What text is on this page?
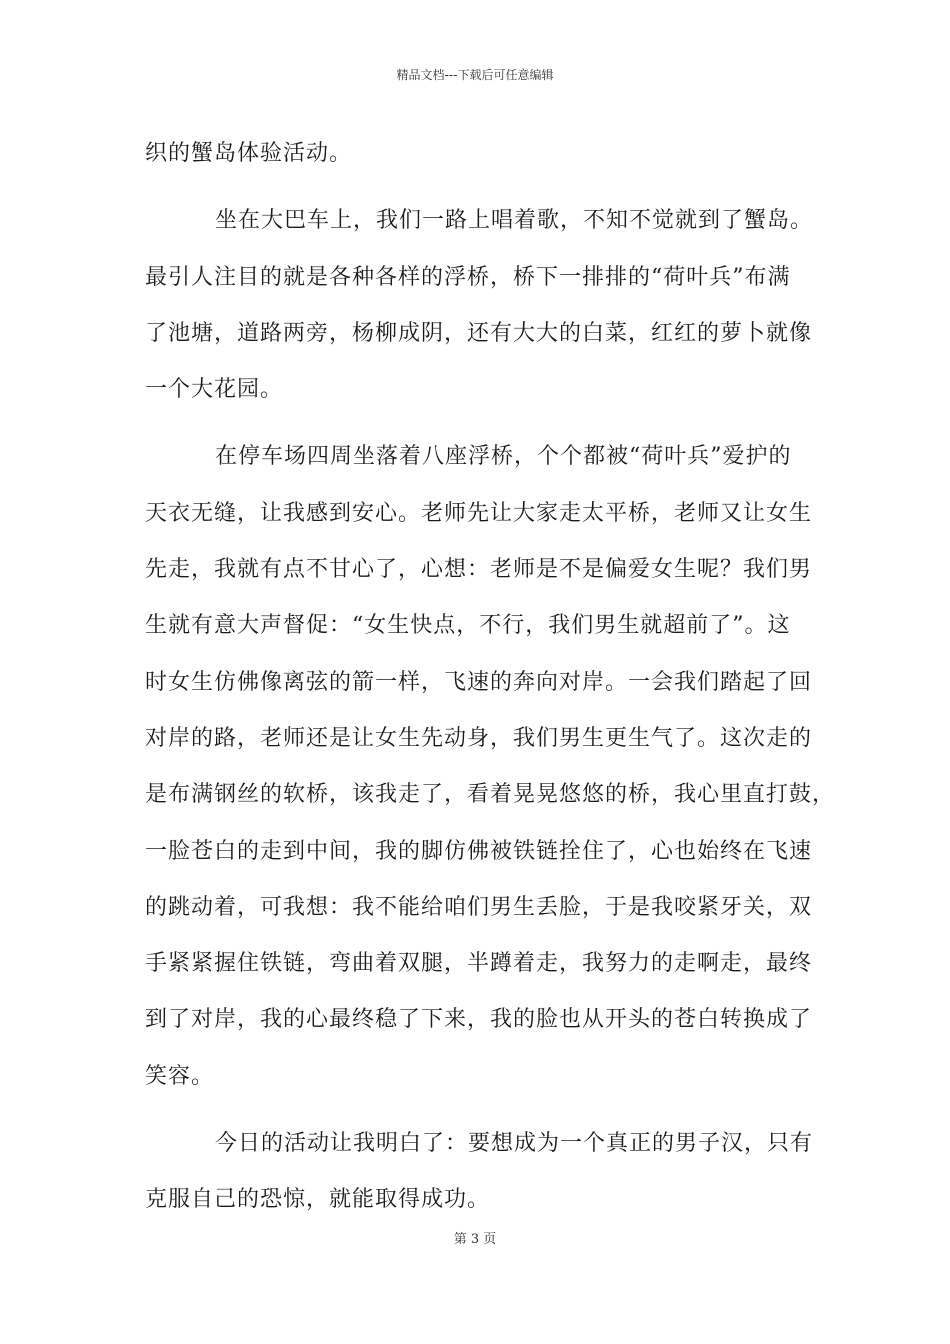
精品文档---下载后可任意编辑
织的蟹岛体验活动。
坐在大巴车上，我们一路上唱着歌，不知不觉就到了蟹岛。
最引人注目的就是各种各样的浮桥，桥下一排排的“荷叶兵”布满
了池塘，道路两旁，杨柳成阴，还有大大的白菜，红红的萝卜就像
一个大花园。
在停车场四周坐落着八座浮桥，个个都被“荷叶兵”爱护的
天衣无缝，让我感到安心。老师先让大家走太平桥，老师又让女生
先走，我就有点不甘心了，心想：老师是不是偏爱女生呢？我们男
生就有意大声督促：“女生快点，不行，我们男生就超前了”。这
时女生仿佛像离弦的箭一样，飞速的奔向对岸。一会我们踏起了回
对岸的路，老师还是让女生先动身，我们男生更生气了。这次走的
是布满钢丝的软桥，该我走了，看着晃晃悠悠的桥，我心里直打鼓，
一脸苍白的走到中间，我的脚仿佛被铁链拴住了，心也始终在飞速
的跳动着，可我想：我不能给咱们男生丢脸，于是我咬紧牙关，双
手紧紧握住铁链，弯曲着双腿，半蹲着走，我努力的走啊走，最终
到了对岸，我的心最终稳了下来，我的脸也从开头的苍白转换成了
笑容。
今日的活动让我明白了：要想成为一个真正的男子汉，只有
克服自己的恐惊，就能取得成功。
第 3 页
